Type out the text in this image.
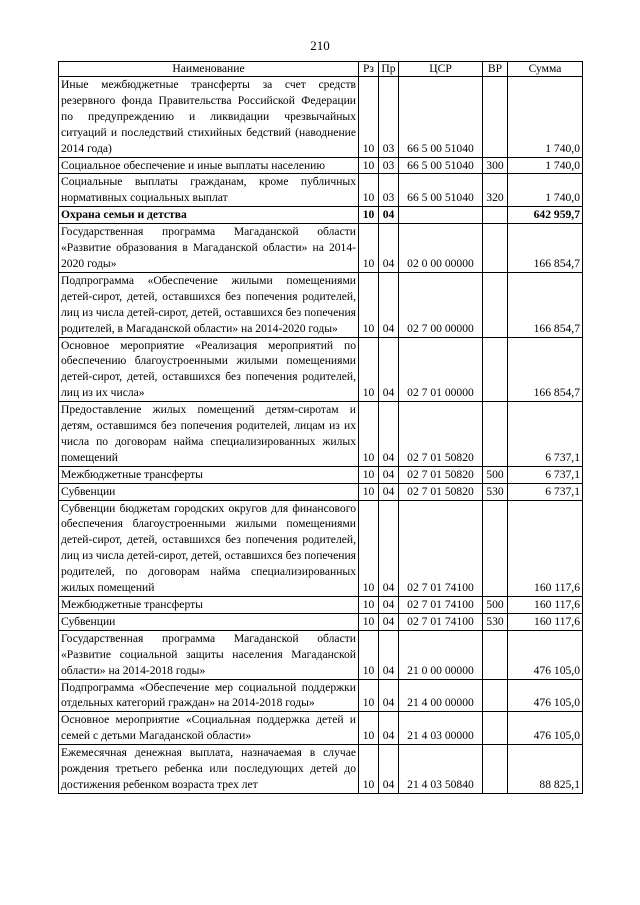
210
Наименование	Рз	Пр	ЦСР	ВР	Сумма
Иные межбюджетные трансферты за счет средств резервного фонда Правительства Российской Федерации по предупреждению и ликвидации чрезвычайных ситуаций и последствий стихийных бедствий (наводнение 2014 года)	10	03	66 5 00 51040		1 740,0
Социальное обеспечение и иные выплаты населению	10	03	66 5 00 51040	300	1 740,0
Социальные выплаты гражданам, кроме публичных нормативных социальных выплат	10	03	66 5 00 51040	320	1 740,0
Охрана семьи и детства	10	04			642 959,7
Государственная программа Магаданской области «Развитие образования в Магаданской области» на 2014-2020 годы»	10	04	02 0 00 00000		166 854,7
Подпрограмма «Обеспечение жилыми помещениями детей-сирот, детей, оставшихся без попечения родителей, лиц из числа детей-сирот, детей, оставшихся без попечения родителей, в Магаданской области» на 2014-2020 годы»	10	04	02 7 00 00000		166 854,7
Основное мероприятие «Реализация мероприятий по обеспечению благоустроенными жилыми помещениями детей-сирот, детей, оставшихся без попечения родителей, лиц из их числа»	10	04	02 7 01 00000		166 854,7
Предоставление жилых помещений детям-сиротам и детям, оставшимся без попечения родителей, лицам из их числа по договорам найма специализированных жилых помещений	10	04	02 7 01 50820		6 737,1
Межбюджетные трансферты	10	04	02 7 01 50820	500	6 737,1
Субвенции	10	04	02 7 01 50820	530	6 737,1
Субвенции бюджетам городских округов для финансового обеспечения благоустроенными жилыми помещениями детей-сирот, детей, оставшихся без попечения родителей, лиц из числа детей-сирот, детей, оставшихся без попечения родителей, по договорам найма специализированных жилых помещений	10	04	02 7 01 74100		160 117,6
Межбюджетные трансферты	10	04	02 7 01 74100	500	160 117,6
Субвенции	10	04	02 7 01 74100	530	160 117,6
Государственная программа Магаданской области «Развитие социальной защиты населения Магаданской области» на 2014-2018 годы»	10	04	21 0 00 00000		476 105,0
Подпрограмма «Обеспечение мер социальной поддержки отдельных категорий граждан» на 2014-2018 годы»	10	04	21 4 00 00000		476 105,0
Основное мероприятие «Социальная поддержка детей и семей с детьми Магаданской области»	10	04	21 4 03 00000		476 105,0
Ежемесячная денежная выплата, назначаемая в случае рождения третьего ребенка или последующих детей до достижения ребенком возраста трех лет	10	04	21 4 03 50840		88 825,1
